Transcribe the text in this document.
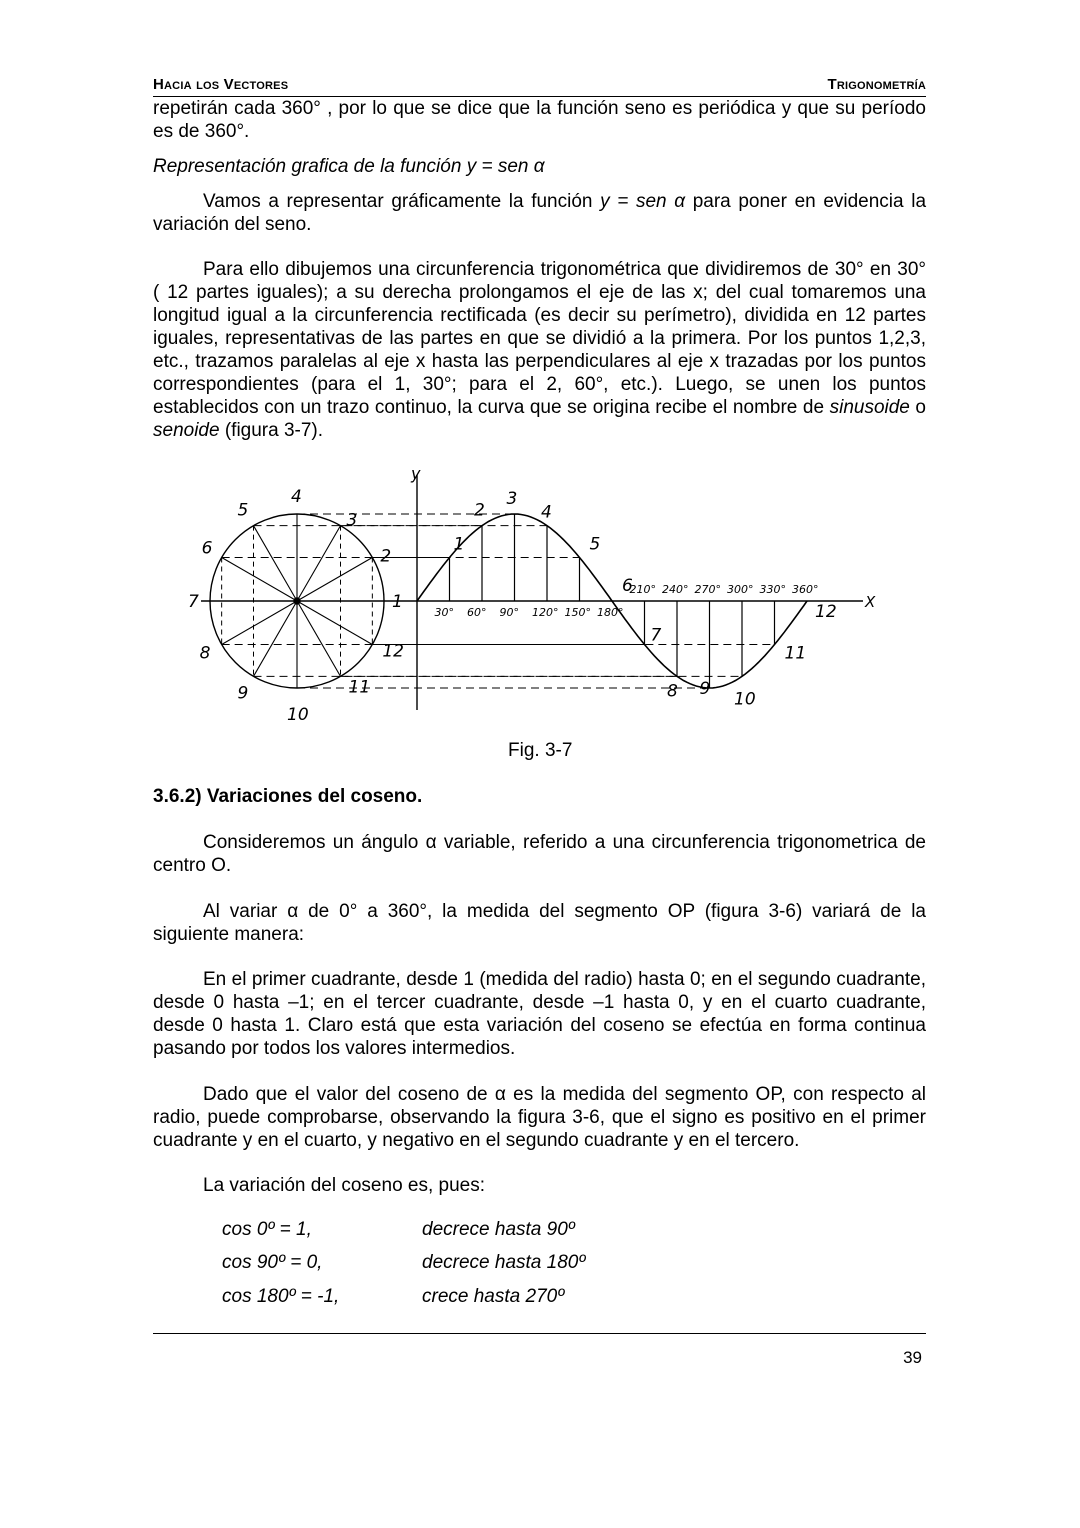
Hacia los Vectores	Trigonometría

repetirán cada 360° , por lo que se dice que la función seno es periódica y que su período es de 360°.

Representación grafica de la función y = sen α

Vamos a representar gráficamente la función y = sen α para poner en evidencia la variación del seno.

Para ello dibujemos una circunferencia trigonométrica que dividiremos de 30° en 30° ( 12 partes iguales); a su derecha prolongamos el eje de las x; del cual tomaremos una longitud igual a la circunferencia rectificada (es decir su perímetro), dividida en 12 partes iguales, representativas de las partes en que se dividió a la primera. Por los puntos 1,2,3, etc., trazamos paralelas al eje x hasta las perpendiculares al eje x trazadas por los puntos correspondientes (para el 1, 30°; para el 2, 60°, etc.). Luego, se unen los puntos establecidos con un trazo continuo, la curva que se origina recibe el nombre de sinusoide o senoide (figura 3-7).

X
y
1
2
3
4
5
6
7
8
9
10
11
12
1
2
3
4
5
6
7
8 9
10
11
12
30° 60° 90° 120° 150° 180°
210° 240° 270° 300° 330° 360°
Fig. 3-7
3.6.2) Variaciones del coseno.

Consideremos un ángulo α variable, referido a una circunferencia trigonometrica de centro O.

Al variar α de 0° a 360°, la medida del segmento OP (figura 3-6) variará de la siguiente manera:

En el primer cuadrante, desde 1 (medida del radio) hasta 0; en el segundo cuadrante, desde 0 hasta –1; en el tercer cuadrante, desde –1 hasta 0, y en el cuarto cuadrante, desde 0 hasta 1. Claro está que esta variación del coseno se efectúa en forma continua pasando por todos los valores intermedios.

Dado que el valor del coseno de α es la medida del segmento OP, con respecto al radio, puede comprobarse, observando la figura 3-6, que el signo es positivo en el primer cuadrante y en el cuarto, y negativo en el segundo cuadrante y en el tercero.

La variación del coseno es, pues:

cos 0º = 1,	decrece hasta 90º
cos 90º = 0,	decrece hasta 180º
cos 180º = -1,	crece hasta 270º
39
